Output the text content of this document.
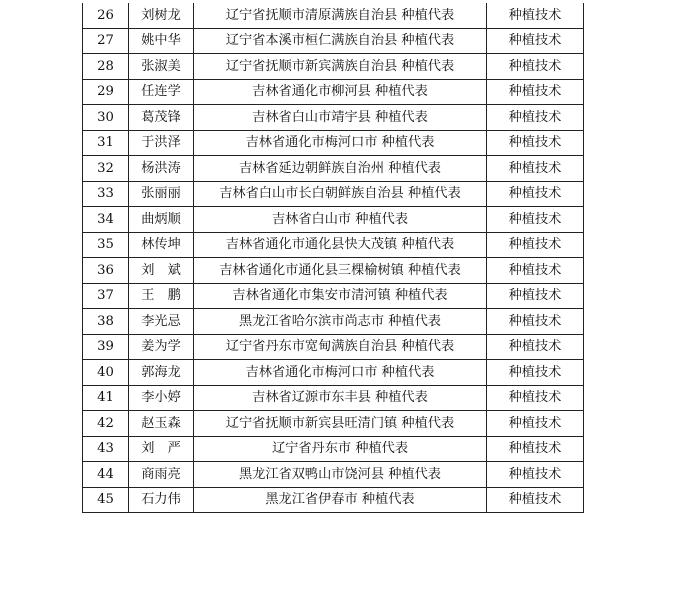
26	刘树龙	辽宁省抚顺市清原满族自治县 种植代表	种植技术
27	姚中华	辽宁省本溪市桓仁满族自治县 种植代表	种植技术
28	张淑美	辽宁省抚顺市新宾满族自治县 种植代表	种植技术
29	任连学	吉林省通化市柳河县 种植代表	种植技术
30	葛茂锋	吉林省白山市靖宇县 种植代表	种植技术
31	于洪泽	吉林省通化市梅河口市 种植代表	种植技术
32	杨洪涛	吉林省延边朝鲜族自治州 种植代表	种植技术
33	张丽丽	吉林省白山市长白朝鲜族自治县 种植代表	种植技术
34	曲炳顺	吉林省白山市 种植代表	种植技术
35	林传坤	吉林省通化市通化县快大茂镇 种植代表	种植技术
36	刘　斌	吉林省通化市通化县三棵榆树镇 种植代表	种植技术
37	王　鹏	吉林省通化市集安市清河镇 种植代表	种植技术
38	李光忌	黑龙江省哈尔滨市尚志市 种植代表	种植技术
39	姜为学	辽宁省丹东市宽甸满族自治县 种植代表	种植技术
40	郭海龙	吉林省通化市梅河口市 种植代表	种植技术
41	李小婷	吉林省辽源市东丰县 种植代表	种植技术
42	赵玉森	辽宁省抚顺市新宾县旺清门镇 种植代表	种植技术
43	刘　严	辽宁省丹东市 种植代表	种植技术
44	商雨亮	黑龙江省双鸭山市饶河县 种植代表	种植技术
45	石力伟	黑龙江省伊春市 种植代表	种植技术
